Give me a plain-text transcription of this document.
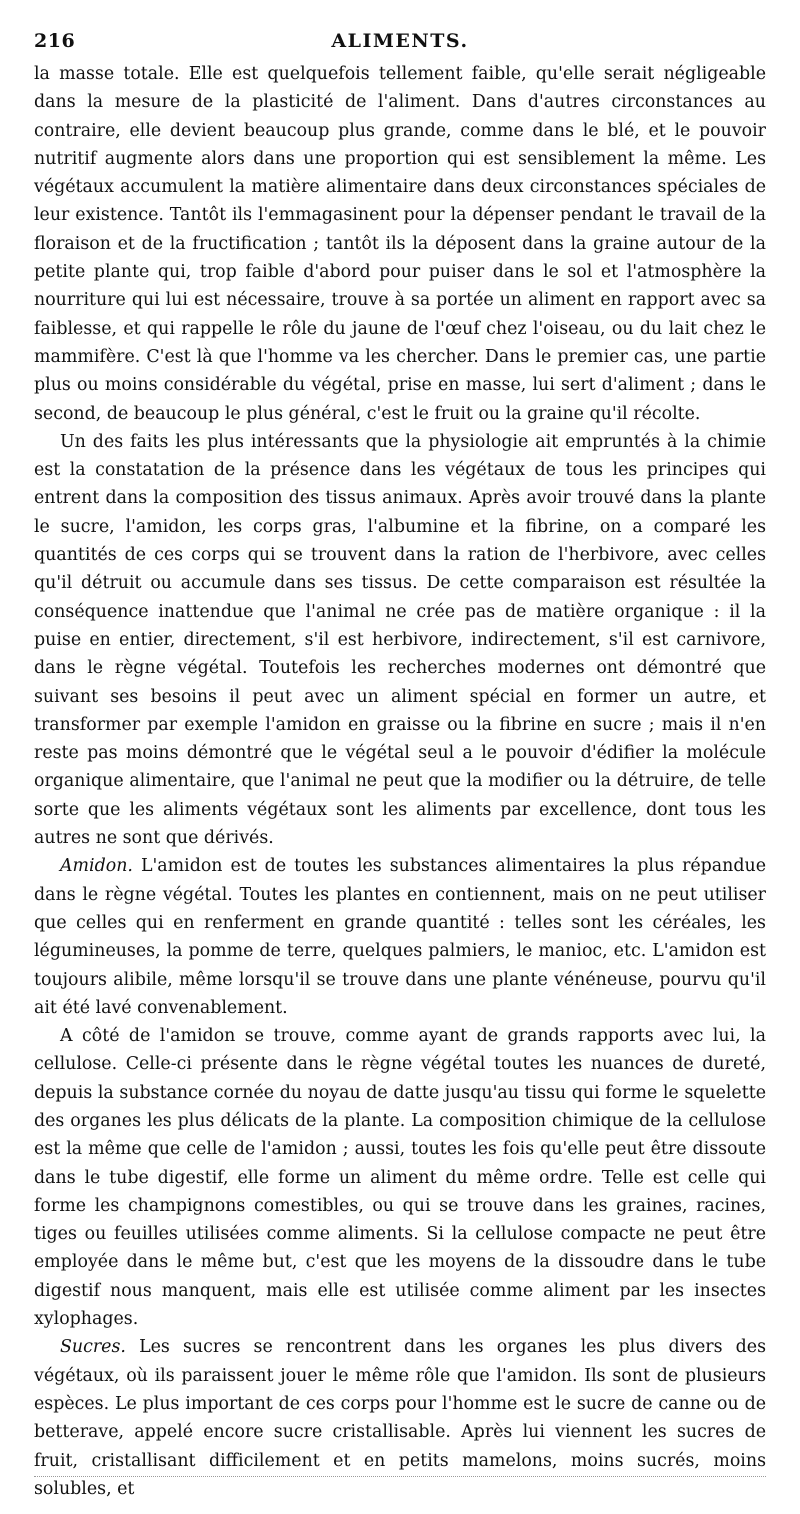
216	ALIMENTS.

la masse totale. Elle est quelquefois tellement faible, qu'elle serait négligeable dans la mesure de la plasticité de l'aliment. Dans d'autres circonstances au contraire, elle devient beaucoup plus grande, comme dans le blé, et le pouvoir nutritif augmente alors dans une proportion qui est sensiblement la même. Les végétaux accumulent la matière alimentaire dans deux circonstances spéciales de leur existence. Tantôt ils l'emmagasinent pour la dépenser pendant le travail de la floraison et de la fructification ; tantôt ils la déposent dans la graine autour de la petite plante qui, trop faible d'abord pour puiser dans le sol et l'atmosphère la nourriture qui lui est nécessaire, trouve à sa portée un aliment en rapport avec sa faiblesse, et qui rappelle le rôle du jaune de l'œuf chez l'oiseau, ou du lait chez le mammifère. C'est là que l'homme va les chercher. Dans le premier cas, une partie plus ou moins considérable du végétal, prise en masse, lui sert d'aliment ; dans le second, de beaucoup le plus général, c'est le fruit ou la graine qu'il récolte.

Un des faits les plus intéressants que la physiologie ait empruntés à la chimie est la constatation de la présence dans les végétaux de tous les principes qui entrent dans la composition des tissus animaux. Après avoir trouvé dans la plante le sucre, l'amidon, les corps gras, l'albumine et la fibrine, on a comparé les quantités de ces corps qui se trouvent dans la ration de l'herbivore, avec celles qu'il détruit ou accumule dans ses tissus. De cette comparaison est résultée la conséquence inattendue que l'animal ne crée pas de matière organique : il la puise en entier, directement, s'il est herbivore, indirectement, s'il est carnivore, dans le règne végétal. Toutefois les recherches modernes ont démontré que suivant ses besoins il peut avec un aliment spécial en former un autre, et transformer par exemple l'amidon en graisse ou la fibrine en sucre ; mais il n'en reste pas moins démontré que le végétal seul a le pouvoir d'édifier la molécule organique alimentaire, que l'animal ne peut que la modifier ou la détruire, de telle sorte que les aliments végétaux sont les aliments par excellence, dont tous les autres ne sont que dérivés.

Amidon. L'amidon est de toutes les substances alimentaires la plus répandue dans le règne végétal. Toutes les plantes en contiennent, mais on ne peut utiliser que celles qui en renferment en grande quantité : telles sont les céréales, les légumineuses, la pomme de terre, quelques palmiers, le manioc, etc. L'amidon est toujours alibile, même lorsqu'il se trouve dans une plante vénéneuse, pourvu qu'il ait été lavé convenablement.

A côté de l'amidon se trouve, comme ayant de grands rapports avec lui, la cellulose. Celle-ci présente dans le règne végétal toutes les nuances de dureté, depuis la substance cornée du noyau de datte jusqu'au tissu qui forme le squelette des organes les plus délicats de la plante. La composition chimique de la cellulose est la même que celle de l'amidon ; aussi, toutes les fois qu'elle peut être dissoute dans le tube digestif, elle forme un aliment du même ordre. Telle est celle qui forme les champignons comestibles, ou qui se trouve dans les graines, racines, tiges ou feuilles utilisées comme aliments. Si la cellulose compacte ne peut être employée dans le même but, c'est que les moyens de la dissoudre dans le tube digestif nous manquent, mais elle est utilisée comme aliment par les insectes xylophages.

Sucres. Les sucres se rencontrent dans les organes les plus divers des végétaux, où ils paraissent jouer le même rôle que l'amidon. Ils sont de plusieurs espèces. Le plus important de ces corps pour l'homme est le sucre de canne ou de betterave, appelé encore sucre cristallisable. Après lui viennent les sucres de fruit, cristallisant difficilement et en petits mamelons, moins sucrés, moins solubles, et
